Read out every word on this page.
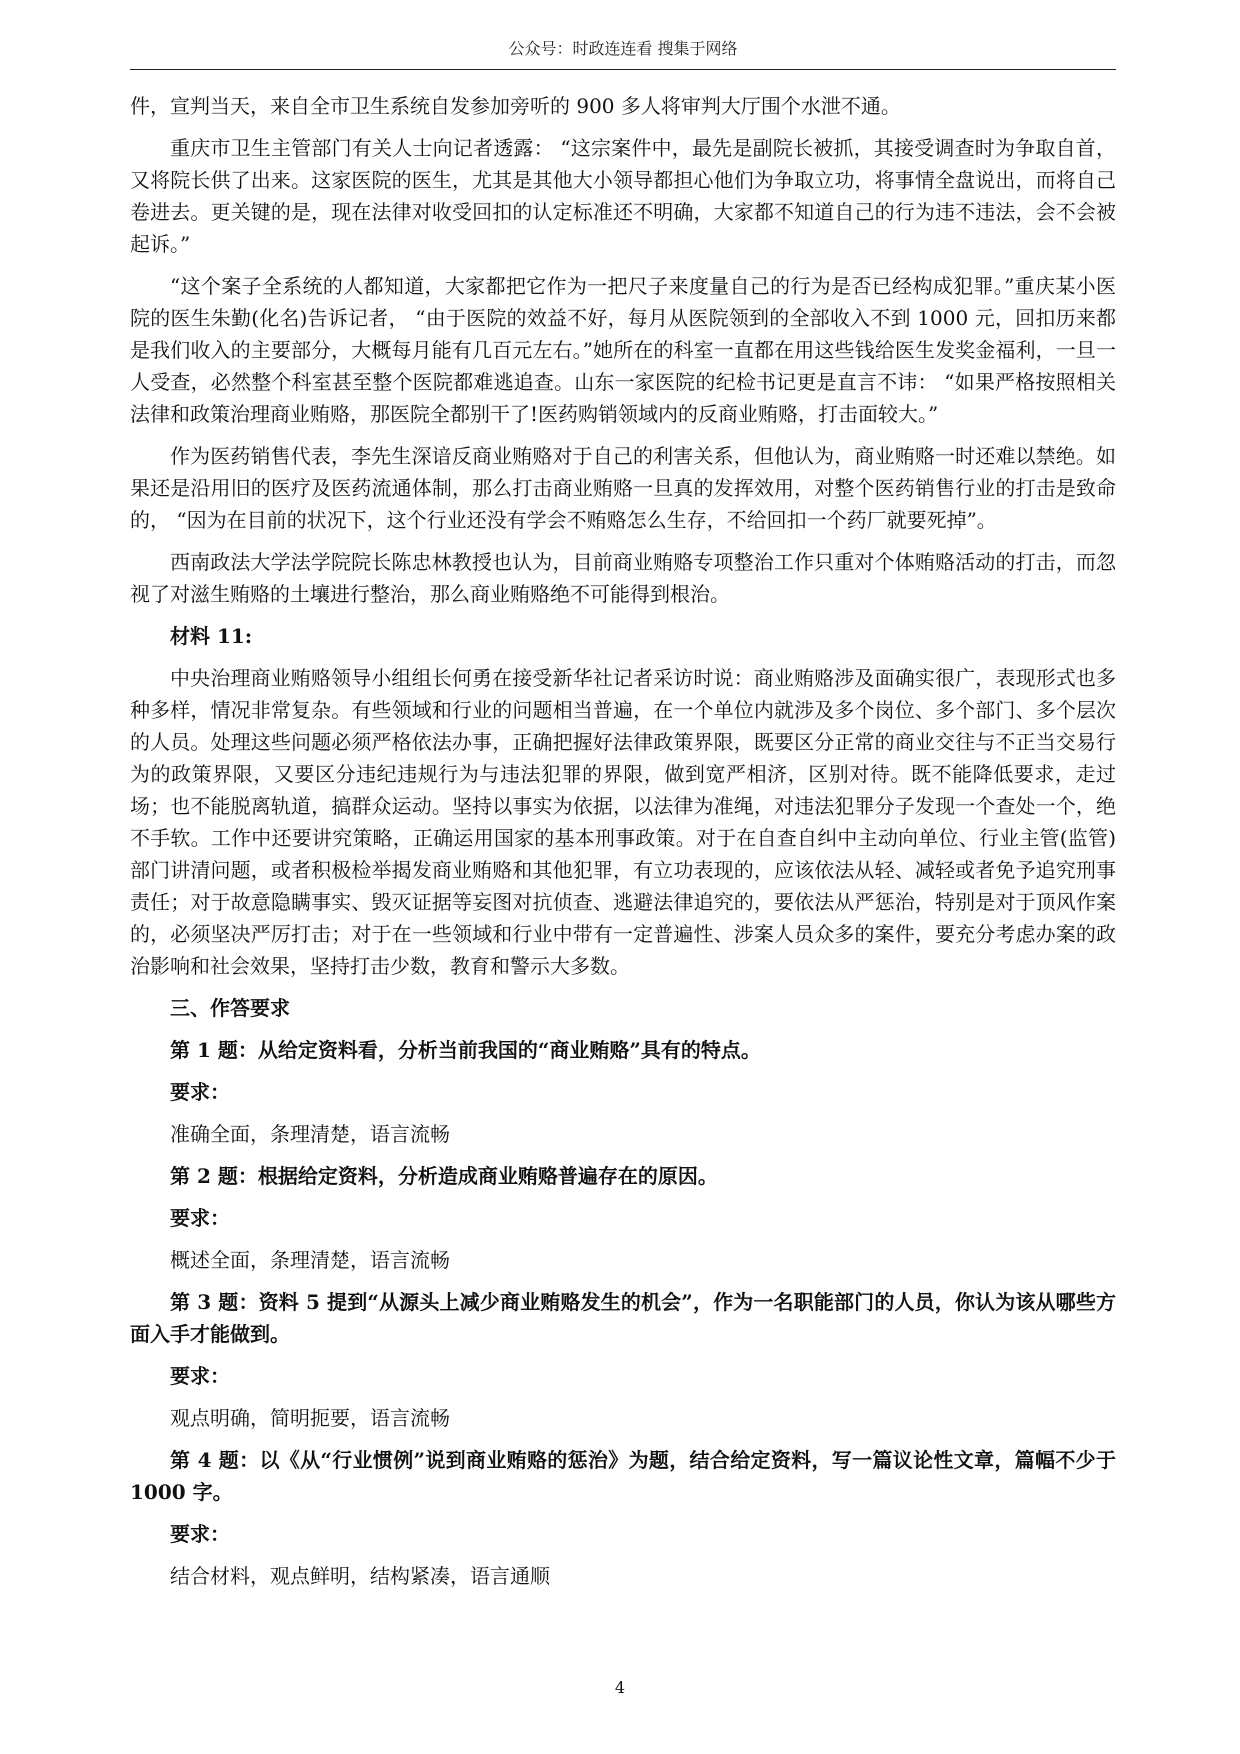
公众号：时政连连看 搜集于网络

件，宣判当天，来自全市卫生系统自发参加旁听的 900 多人将审判大厅围个水泄不通。

重庆市卫生主管部门有关人士向记者透露： “这宗案件中，最先是副院长被抓，其接受调查时为争取自首，又将院长供了出来。这家医院的医生，尤其是其他大小领导都担心他们为争取立功，将事情全盘说出，而将自己卷进去。更关键的是，现在法律对收受回扣的认定标准还不明确，大家都不知道自己的行为违不违法，会不会被起诉。”

“这个案子全系统的人都知道，大家都把它作为一把尺子来度量自己的行为是否已经构成犯罪。”重庆某小医院的医生朱勤(化名)告诉记者， “由于医院的效益不好，每月从医院领到的全部收入不到 1000 元，回扣历来都是我们收入的主要部分，大概每月能有几百元左右。”她所在的科室一直都在用这些钱给医生发奖金福利，一旦一人受查，必然整个科室甚至整个医院都难逃追查。山东一家医院的纪检书记更是直言不讳： “如果严格按照相关法律和政策治理商业贿赂，那医院全都别干了!医药购销领域内的反商业贿赂，打击面较大。”

作为医药销售代表，李先生深谙反商业贿赂对于自己的利害关系，但他认为，商业贿赂一时还难以禁绝。如果还是沿用旧的医疗及医药流通体制，那么打击商业贿赂一旦真的发挥效用，对整个医药销售行业的打击是致命的， “因为在目前的状况下，这个行业还没有学会不贿赂怎么生存，不给回扣一个药厂就要死掉”。

西南政法大学法学院院长陈忠林教授也认为，目前商业贿赂专项整治工作只重对个体贿赂活动的打击，而忽视了对滋生贿赂的土壤进行整治，那么商业贿赂绝不可能得到根治。

材料 11:

中央治理商业贿赂领导小组组长何勇在接受新华社记者采访时说：商业贿赂涉及面确实很广，表现形式也多种多样，情况非常复杂。有些领域和行业的问题相当普遍，在一个单位内就涉及多个岗位、多个部门、多个层次的人员。处理这些问题必须严格依法办事，正确把握好法律政策界限，既要区分正常的商业交往与不正当交易行为的政策界限，又要区分违纪违规行为与违法犯罪的界限，做到宽严相济，区别对待。既不能降低要求，走过场；也不能脱离轨道，搞群众运动。坚持以事实为依据，以法律为准绳，对违法犯罪分子发现一个查处一个，绝不手软。工作中还要讲究策略，正确运用国家的基本刑事政策。对于在自查自纠中主动向单位、行业主管(监管)部门讲清问题，或者积极检举揭发商业贿赂和其他犯罪，有立功表现的，应该依法从轻、减轻或者免予追究刑事责任；对于故意隐瞒事实、毁灭证据等妄图对抗侦查、逃避法律追究的，要依法从严惩治，特别是对于顶风作案的，必须坚决严厉打击；对于在一些领域和行业中带有一定普遍性、涉案人员众多的案件，要充分考虑办案的政治影响和社会效果，坚持打击少数，教育和警示大多数。

三、作答要求

第 1 题：从给定资料看，分析当前我国的“商业贿赂”具有的特点。

要求：

准确全面，条理清楚，语言流畅

第 2 题：根据给定资料，分析造成商业贿赂普遍存在的原因。

要求：

概述全面，条理清楚，语言流畅

第 3 题：资料 5 提到“从源头上减少商业贿赂发生的机会”，作为一名职能部门的人员，你认为该从哪些方面入手才能做到。

要求：

观点明确，简明扼要，语言流畅

第 4 题：以《从“行业惯例”说到商业贿赂的惩治》为题，结合给定资料，写一篇议论性文章，篇幅不少于 1000 字。

要求：

结合材料，观点鲜明，结构紧凑，语言通顺

4
